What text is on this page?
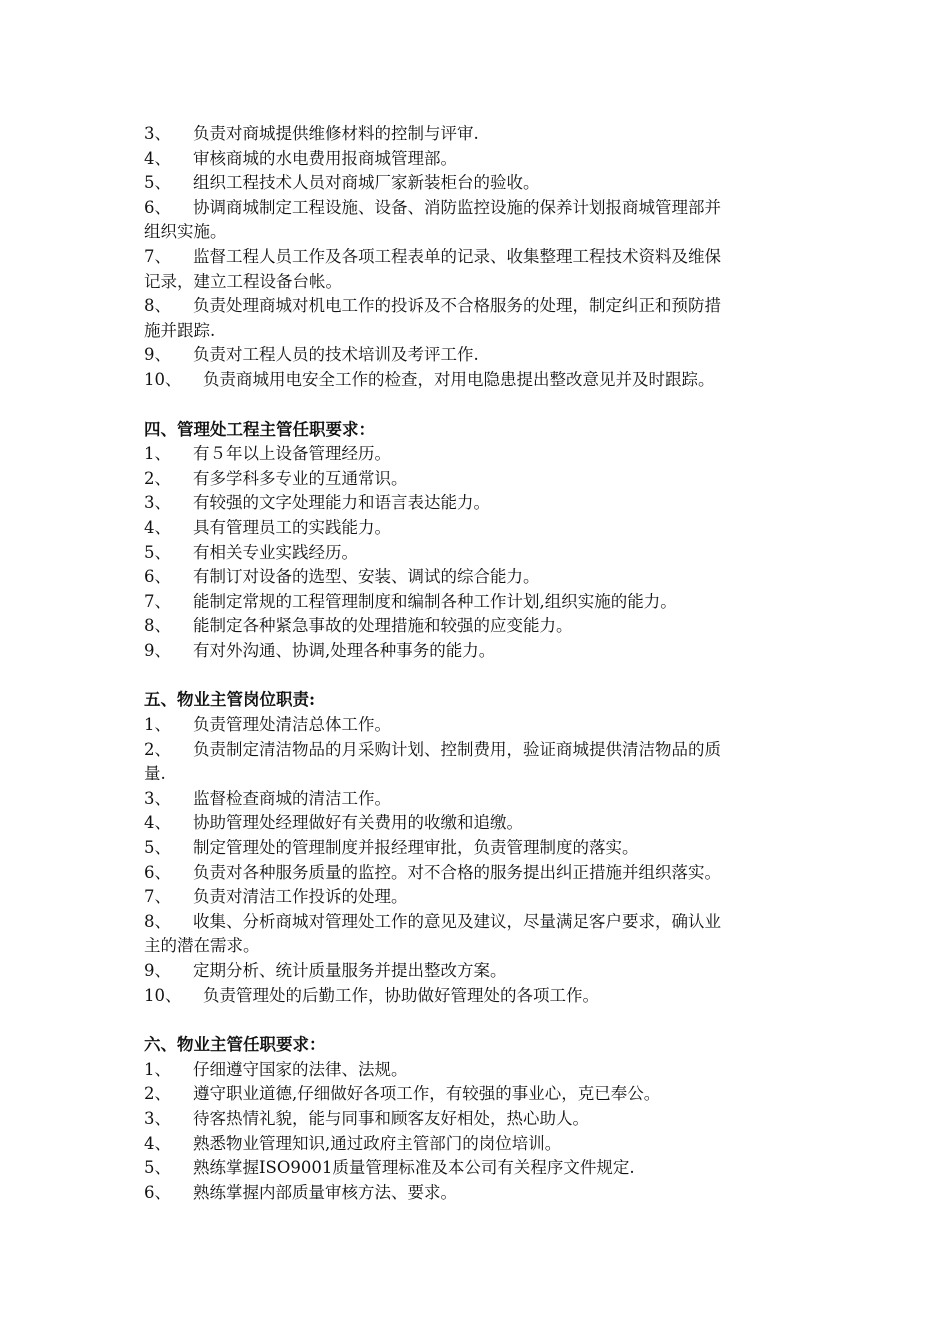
3、 负责对商城提供维修材料的控制与评审.
4、 审核商城的水电费用报商城管理部。
5、 组织工程技术人员对商城厂家新装柜台的验收。
6、 协调商城制定工程设施、设备、消防监控设施的保养计划报商城管理部并
组织实施。
7、 监督工程人员工作及各项工程表单的记录、收集整理工程技术资料及维保
记录，建立工程设备台帐。
8、 负责处理商城对机电工作的投诉及不合格服务的处理，制定纠正和预防措
施并跟踪.
9、 负责对工程人员的技术培训及考评工作.
10、 负责商城用电安全工作的检查，对用电隐患提出整改意见并及时跟踪。
四、管理处工程主管任职要求：
1、 有５年以上设备管理经历。
2、 有多学科多专业的互通常识。
3、 有较强的文字处理能力和语言表达能力。
4、 具有管理员工的实践能力。
5、 有相关专业实践经历。
6、 有制订对设备的选型、安装、调试的综合能力。
7、 能制定常规的工程管理制度和编制各种工作计划,组织实施的能力。
8、 能制定各种紧急事故的处理措施和较强的应变能力。
9、 有对外沟通、协调,处理各种事务的能力。
五、物业主管岗位职责:
1、 负责管理处清洁总体工作。
2、 负责制定清洁物品的月采购计划、控制费用，验证商城提供清洁物品的质
量.
3、 监督检查商城的清洁工作。
4、 协助管理处经理做好有关费用的收缴和追缴。
5、 制定管理处的管理制度并报经理审批，负责管理制度的落实。
6、 负责对各种服务质量的监控。对不合格的服务提出纠正措施并组织落实。
7、 负责对清洁工作投诉的处理。
8、 收集、分析商城对管理处工作的意见及建议，尽量满足客户要求，确认业
主的潜在需求。
9、 定期分析、统计质量服务并提出整改方案。
10、 负责管理处的后勤工作，协助做好管理处的各项工作。
六、物业主管任职要求：
1、 仔细遵守国家的法律、法规。
2、 遵守职业道德,仔细做好各项工作，有较强的事业心，克已奉公。
3、 待客热情礼貌，能与同事和顾客友好相处，热心助人。
4、 熟悉物业管理知识,通过政府主管部门的岗位培训。
5、 熟练掌握ISO9001质量管理标准及本公司有关程序文件规定.
6、 熟练掌握内部质量审核方法、要求。
